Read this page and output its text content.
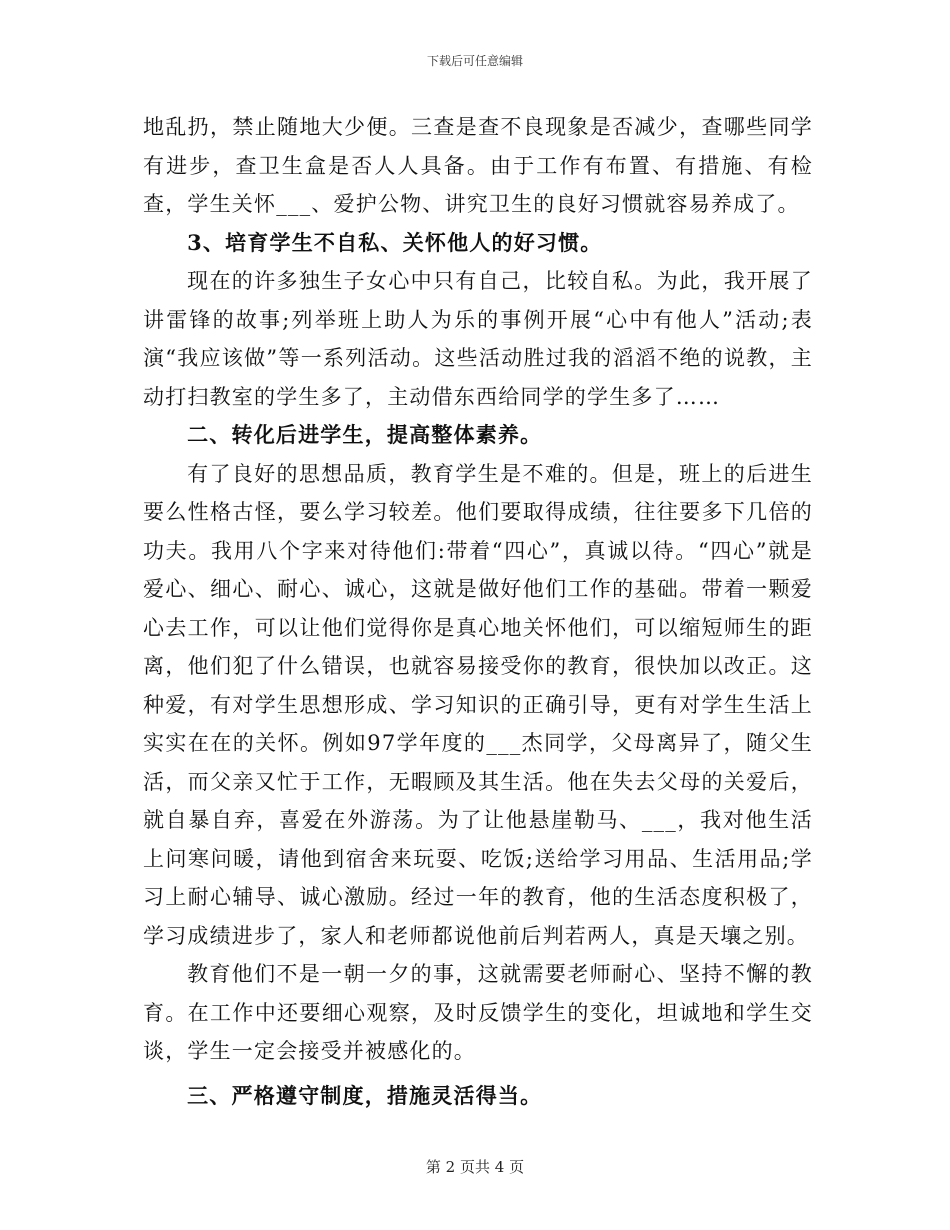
下载后可任意编辑

地乱扔，禁止随地大少便。三查是查不良现象是否减少，查哪些同学有进步，查卫生盒是否人人具备。由于工作有布置、有措施、有检查，学生关怀___、爱护公物、讲究卫生的良好习惯就容易养成了。

3、培育学生不自私、关怀他人的好习惯。

现在的许多独生子女心中只有自己，比较自私。为此，我开展了讲雷锋的故事;列举班上助人为乐的事例开展“心中有他人”活动;表演“我应该做”等一系列活动。这些活动胜过我的滔滔不绝的说教，主动打扫教室的学生多了，主动借东西给同学的学生多了……

二、转化后进学生，提高整体素养。

有了良好的思想品质，教育学生是不难的。但是，班上的后进生要么性格古怪，要么学习较差。他们要取得成绩，往往要多下几倍的功夫。我用八个字来对待他们:带着“四心”，真诚以待。“四心”就是爱心、细心、耐心、诚心，这就是做好他们工作的基础。带着一颗爱心去工作，可以让他们觉得你是真心地关怀他们，可以缩短师生的距离，他们犯了什么错误，也就容易接受你的教育，很快加以改正。这种爱，有对学生思想形成、学习知识的正确引导，更有对学生生活上实实在在的关怀。例如97学年度的___杰同学，父母离异了，随父生活，而父亲又忙于工作，无暇顾及其生活。他在失去父母的关爱后，就自暴自弃，喜爱在外游荡。为了让他悬崖勒马、___，我对他生活上问寒问暖，请他到宿舍来玩耍、吃饭;送给学习用品、生活用品;学习上耐心辅导、诚心激励。经过一年的教育，他的生活态度积极了，学习成绩进步了，家人和老师都说他前后判若两人，真是天壤之别。

教育他们不是一朝一夕的事，这就需要老师耐心、坚持不懈的教育。在工作中还要细心观察，及时反馈学生的变化，坦诚地和学生交谈，学生一定会接受并被感化的。

三、严格遵守制度，措施灵活得当。

第 2 页共 4 页
